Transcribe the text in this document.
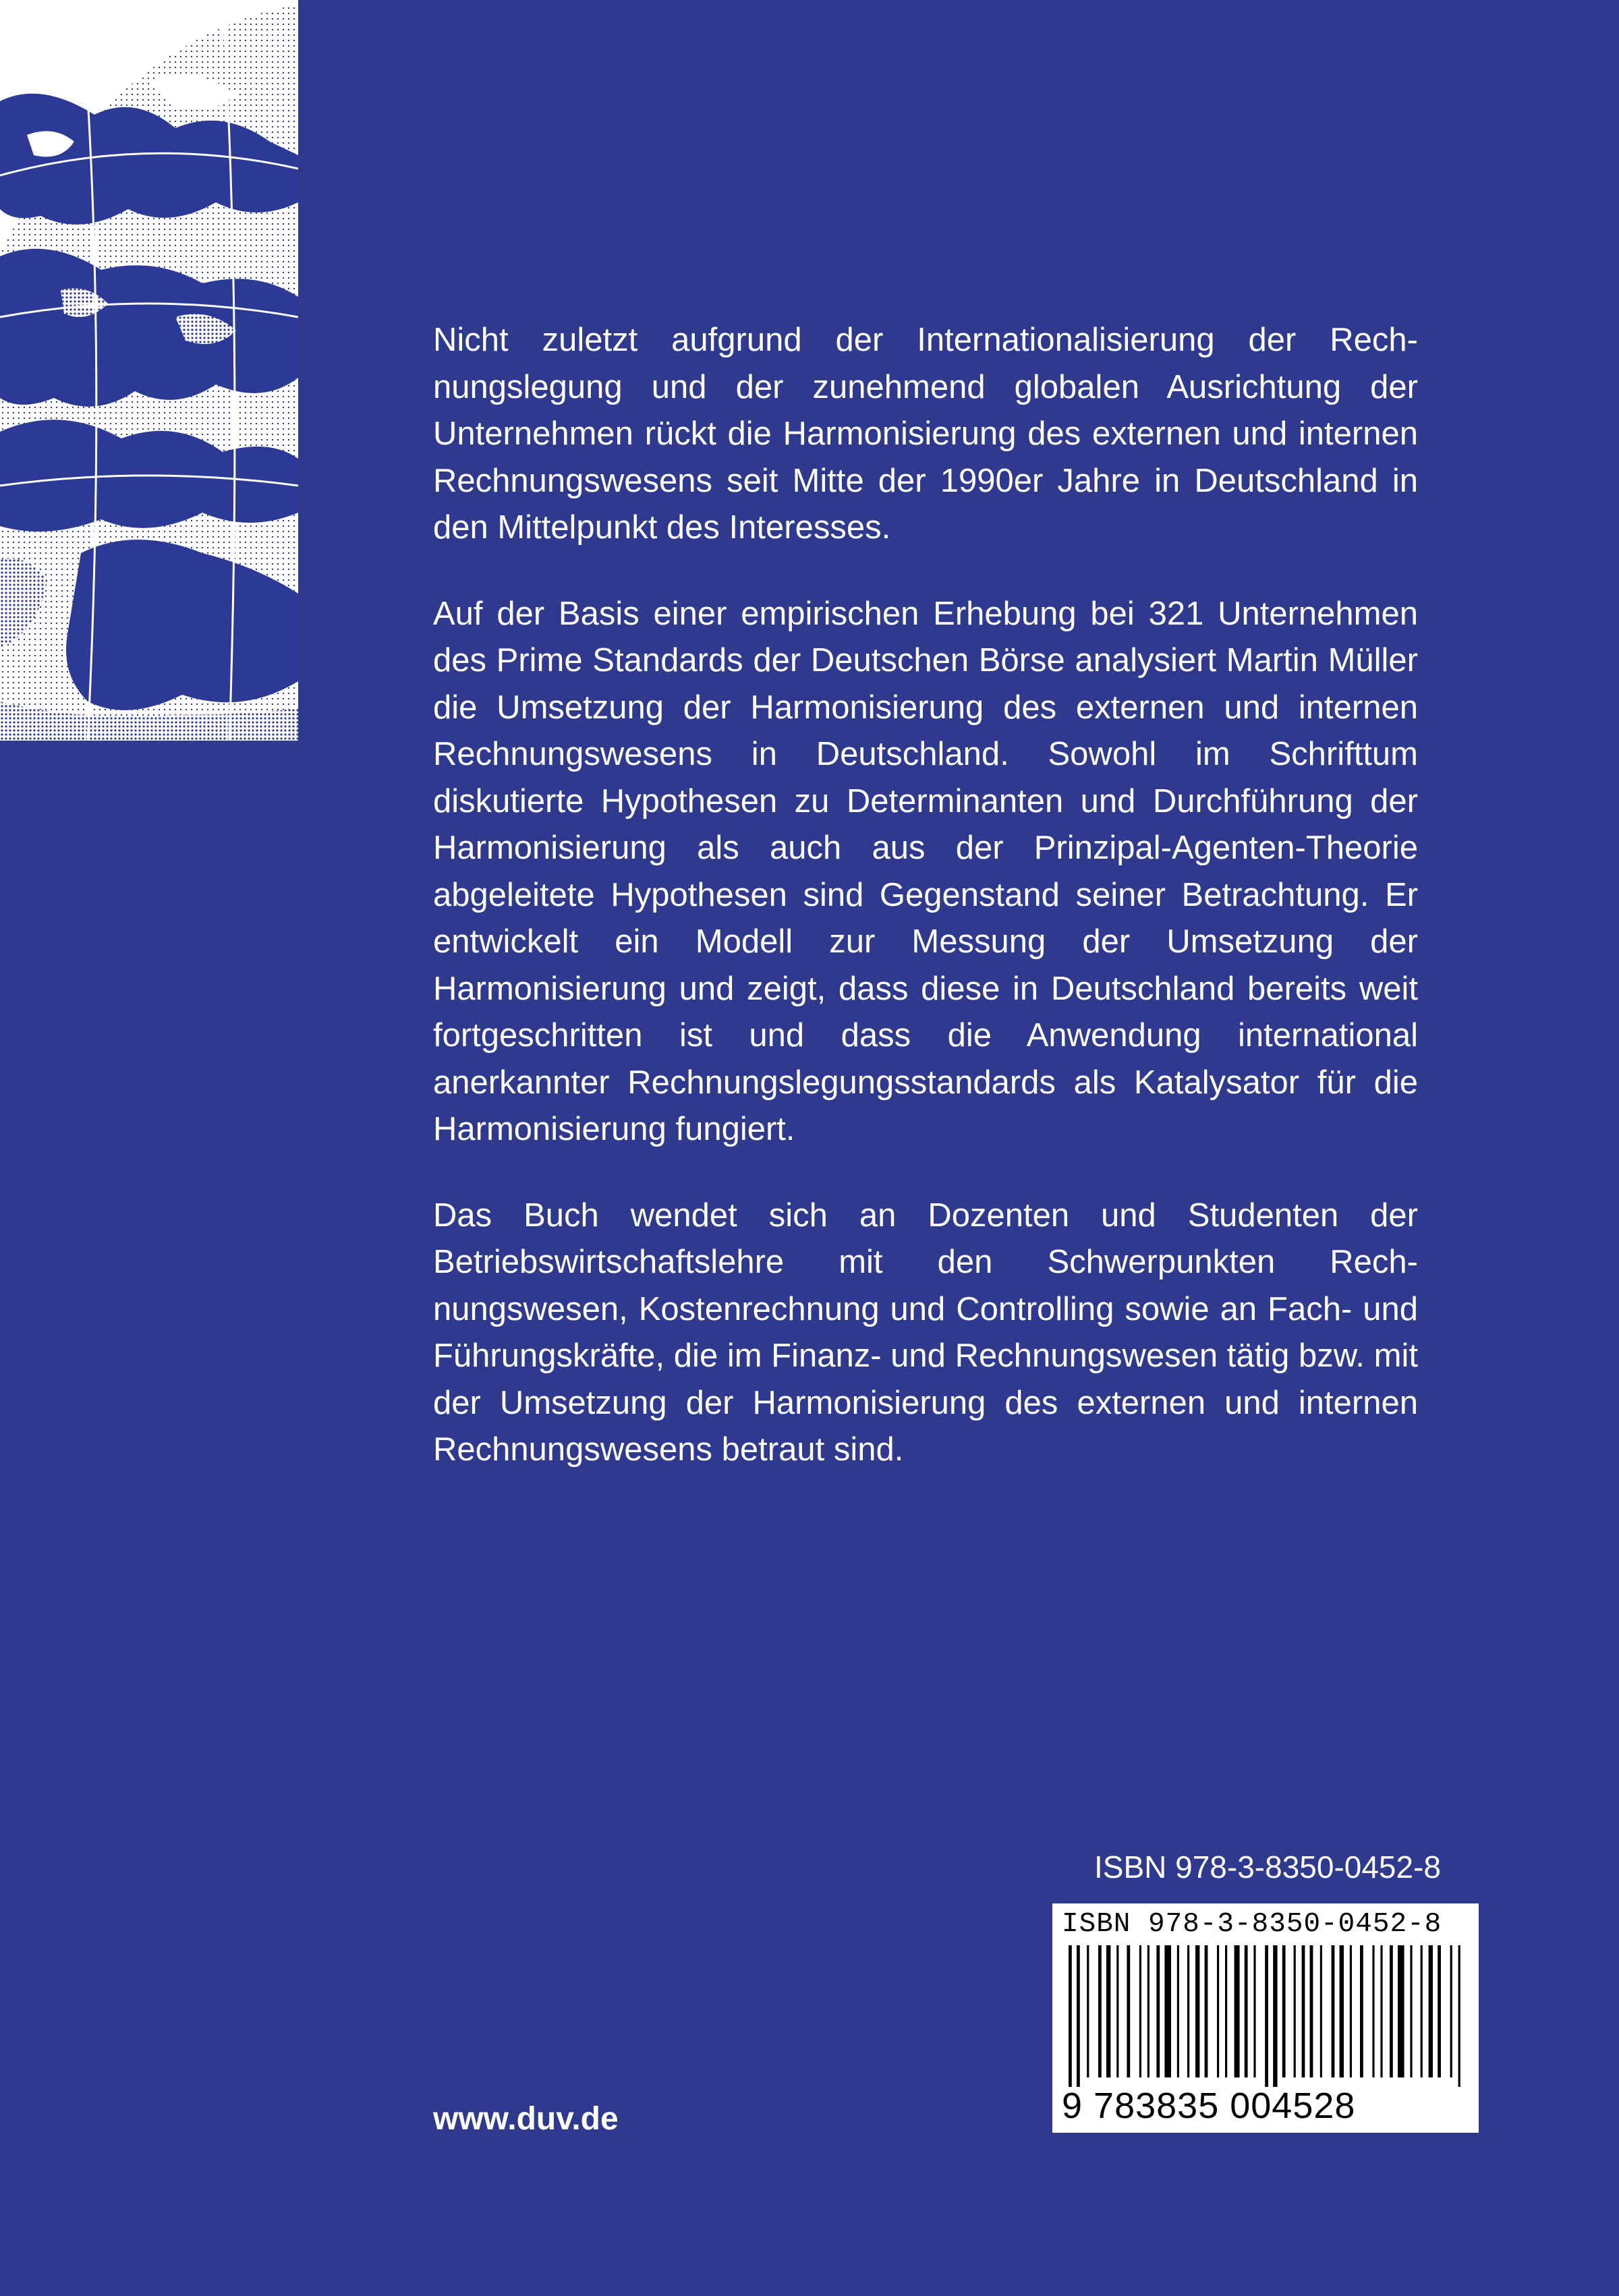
Nicht zuletzt aufgrund der Internationalisierung der Rechnungslegung und der zunehmend globalen Ausrichtung der Unternehmen rückt die Harmonisierung des externen und internen Rechnungswesens seit Mitte der 1990er Jahre in Deutschland in den Mittelpunkt des Interesses.

Auf der Basis einer empirischen Erhebung bei 321 Unternehmen des Prime Standards der Deutschen Börse analysiert Martin Müller die Umsetzung der Harmonisierung des externen und internen Rechnungswesens in Deutschland. Sowohl im Schrifttum diskutierte Hypothesen zu Determinanten und Durchführung der Harmonisierung als auch aus der Prinzipal-Agenten-Theorie abgeleitete Hypothesen sind Gegenstand seiner Betrachtung. Er entwickelt ein Modell zur Messung der Umsetzung der Harmonisierung und zeigt, dass diese in Deutschland bereits weit fortgeschritten ist und dass die Anwendung international anerkannter Rechnungslegungsstandards als Katalysator für die Harmonisierung fungiert.

Das Buch wendet sich an Dozenten und Studenten der Betriebswirtschaftslehre mit den Schwerpunkten Rechnungswesen, Kostenrechnung und Controlling sowie an Fach- und Führungskräfte, die im Finanz- und Rechnungswesen tätig bzw. mit der Umsetzung der Harmonisierung des externen und internen Rechnungswesens betraut sind.

ISBN 978-3-8350-0452-8
ISBN 978-3-8350-0452-8
9 783835 004528
www.duv.de
